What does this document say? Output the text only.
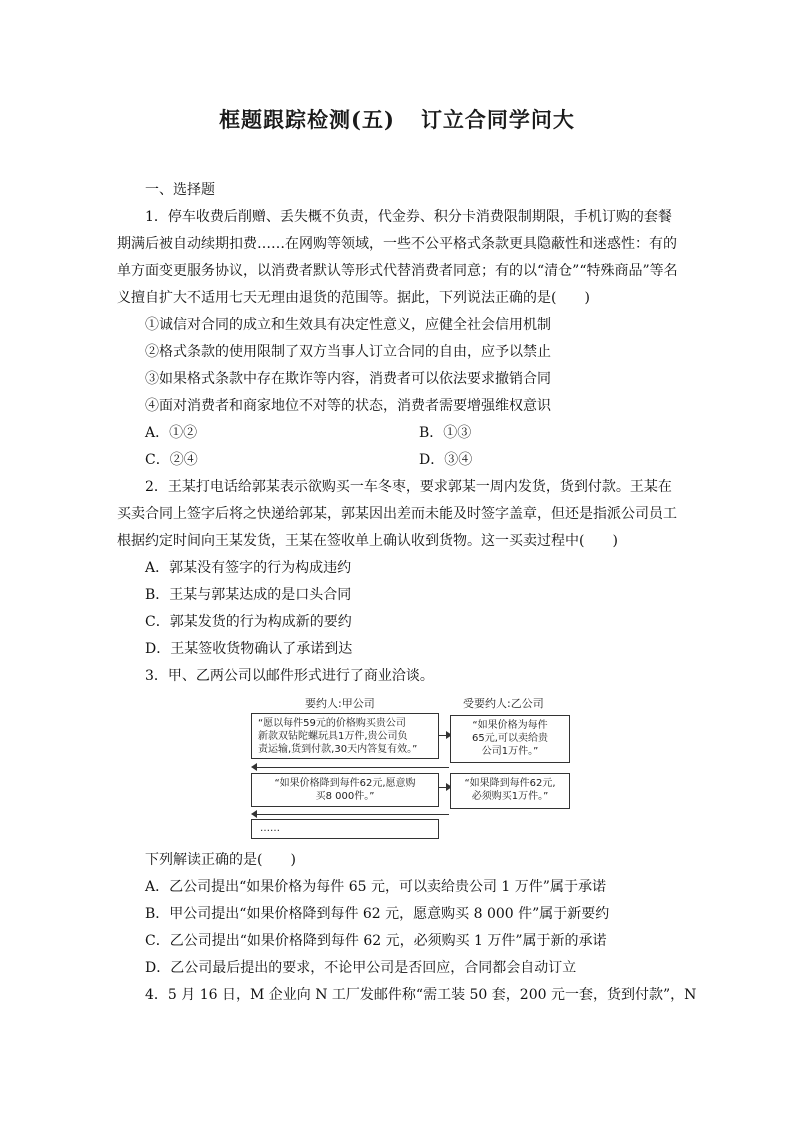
框题跟踪检测(五) 订立合同学问大
一、选择题
1．停车收费后削赠、丢失概不负责，代金券、积分卡消费限制期限，手机订购的套餐
期满后被自动续期扣费……在网购等领域，一些不公平格式条款更具隐蔽性和迷惑性：有的
单方面变更服务协议，以消费者默认等形式代替消费者同意；有的以“清仓”“特殊商品”等名
义擅自扩大不适用七天无理由退货的范围等。据此，下列说法正确的是(　　)
①诚信对合同的成立和生效具有决定性意义，应健全社会信用机制
②格式条款的使用限制了双方当事人订立合同的自由，应予以禁止
③如果格式条款中存在欺诈等内容，消费者可以依法要求撤销合同
④面对消费者和商家地位不对等的状态，消费者需要增强维权意识
A．①②	B．①③
C．②④	D．③④
2．王某打电话给郭某表示欲购买一车冬枣，要求郭某一周内发货，货到付款。王某在
买卖合同上签字后将之快递给郭某，郭某因出差而未能及时签字盖章，但还是指派公司员工
根据约定时间向王某发货，王某在签收单上确认收到货物。这一买卖过程中(　　)
A．郭某没有签字的行为构成违约
B．王某与郭某达成的是口头合同
C．郭某发货的行为构成新的要约
D．王某签收货物确认了承诺到达
3．甲、乙两公司以邮件形式进行了商业洽谈。
要约人:甲公司	受要约人:乙公司
“愿以每件59元的价格购买贵公司
新款双钻陀螺玩具1万件,贵公司负
责运输,货到付款,30天内答复有效。”
“如果价格为每件
65元,可以卖给贵
公司1万件。”
“如果价格降到每件62元,愿意购
买8 000件。”
“如果降到每件62元,
必须购买1万件。”
……
下列解读正确的是(　　)
A．乙公司提出“如果价格为每件 65 元，可以卖给贵公司 1 万件”属于承诺
B．甲公司提出“如果价格降到每件 62 元，愿意购买 8 000 件”属于新要约
C．乙公司提出“如果价格降到每件 62 元，必须购买 1 万件”属于新的承诺
D．乙公司最后提出的要求，不论甲公司是否回应，合同都会自动订立
4．5 月 16 日，M 企业向 N 工厂发邮件称“需工装 50 套，200 元一套，货到付款”，N
